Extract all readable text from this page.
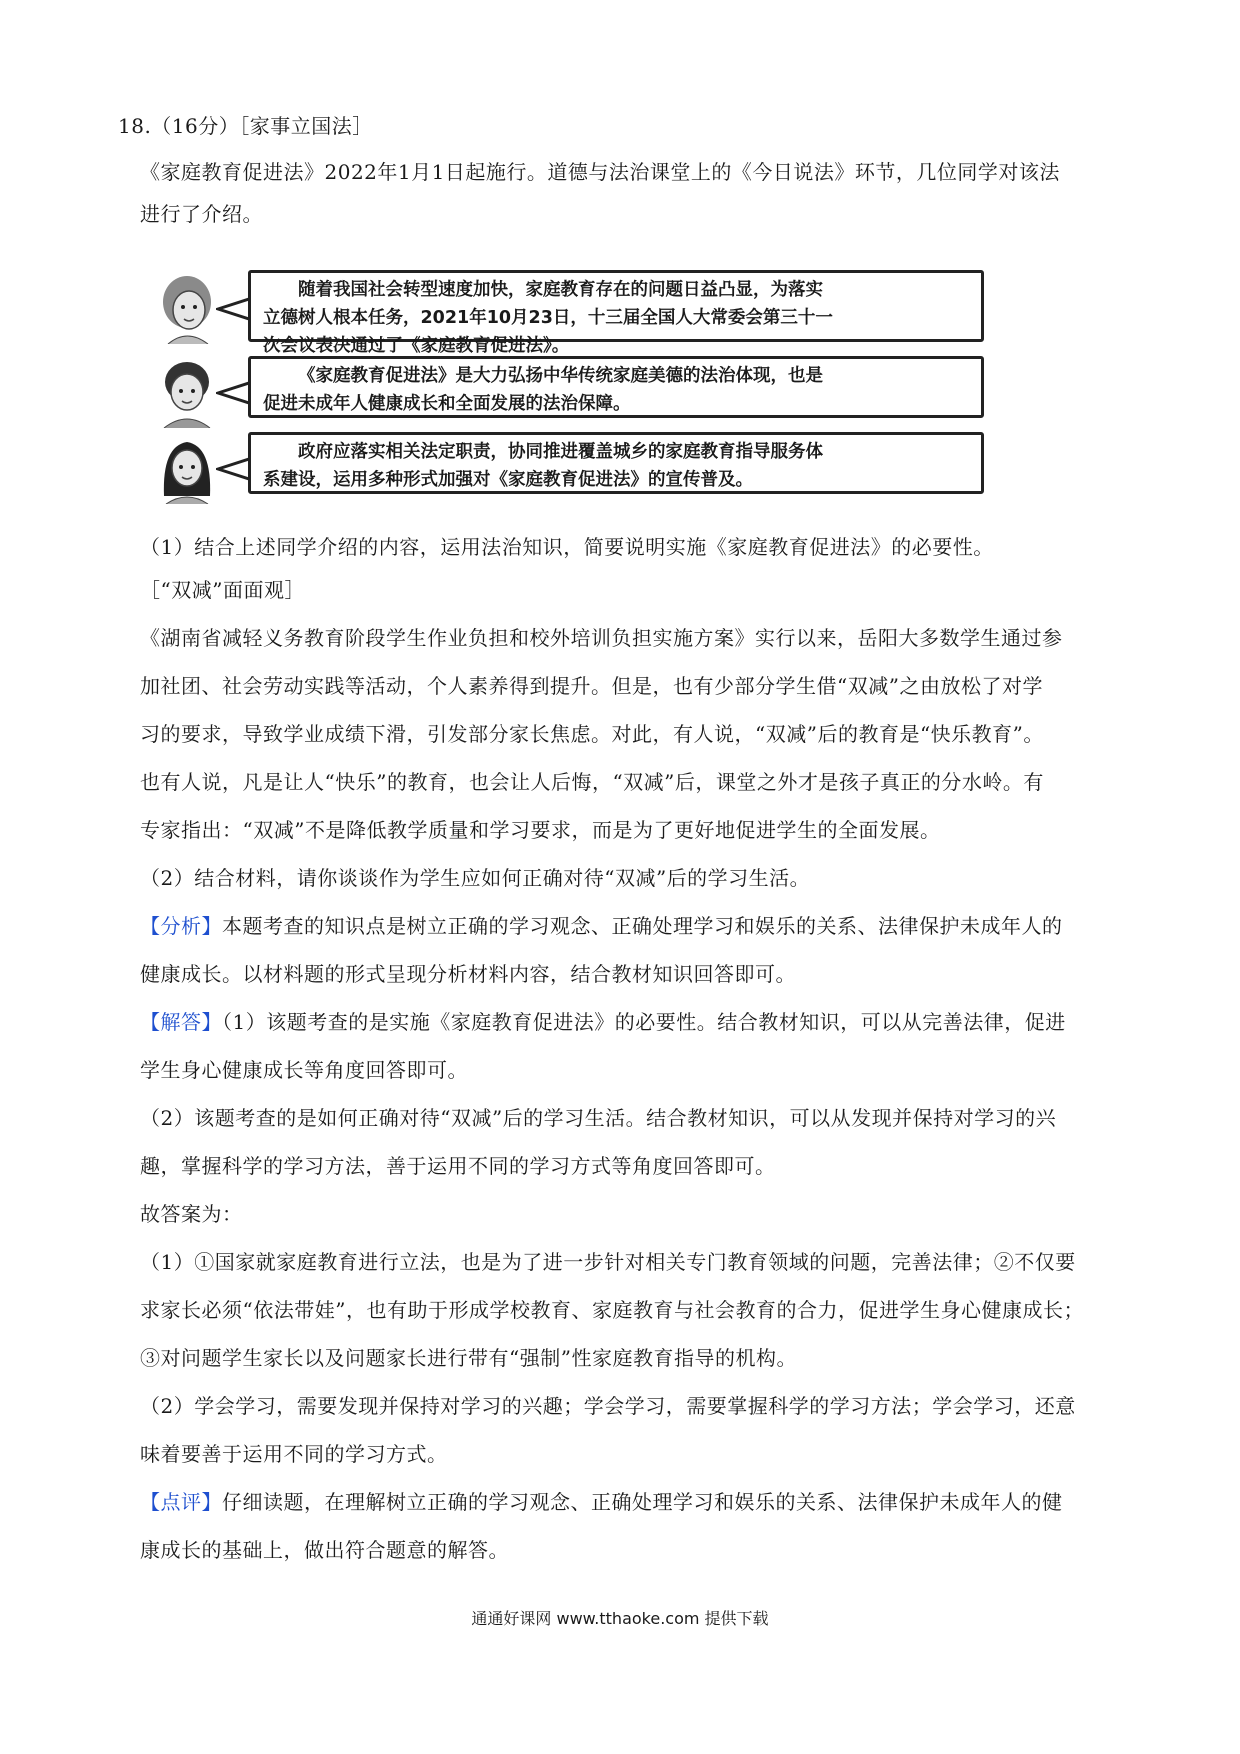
18.（16分）［家事立国法］
《家庭教育促进法》2022年1月1日起施行。道德与法治课堂上的《今日说法》环节，几位同学对该法
进行了介绍。

随着我国社会转型速度加快，家庭教育存在的问题日益凸显，为落实

立德树人根本任务，2021年10月23日，十三届全国人大常委会第三十一

次会议表决通过了《家庭教育促进法》。

《家庭教育促进法》是大力弘扬中华传统家庭美德的法治体现，也是

促进未成年人健康成长和全面发展的法治保障。

政府应落实相关法定职责，协同推进覆盖城乡的家庭教育指导服务体

系建设，运用多种形式加强对《家庭教育促进法》的宣传普及。

（1）结合上述同学介绍的内容，运用法治知识，简要说明实施《家庭教育促进法》的必要性。
［“双减”面面观］
《湖南省减轻义务教育阶段学生作业负担和校外培训负担实施方案》实行以来，岳阳大多数学生通过参
加社团、社会劳动实践等活动，个人素养得到提升。但是，也有少部分学生借“双减”之由放松了对学
习的要求，导致学业成绩下滑，引发部分家长焦虑。对此，有人说，“双减”后的教育是“快乐教育”。
也有人说，凡是让人“快乐”的教育，也会让人后悔，“双减”后，课堂之外才是孩子真正的分水岭。有
专家指出：“双减”不是降低教学质量和学习要求，而是为了更好地促进学生的全面发展。
（2）结合材料，请你谈谈作为学生应如何正确对待“双减”后的学习生活。
【分析】本题考查的知识点是树立正确的学习观念、正确处理学习和娱乐的关系、法律保护未成年人的
健康成长。以材料题的形式呈现分析材料内容，结合教材知识回答即可。
【解答】（1）该题考查的是实施《家庭教育促进法》的必要性。结合教材知识，可以从完善法律，促进
学生身心健康成长等角度回答即可。
（2）该题考查的是如何正确对待“双减”后的学习生活。结合教材知识，可以从发现并保持对学习的兴
趣，掌握科学的学习方法，善于运用不同的学习方式等角度回答即可。
故答案为：
（1）①国家就家庭教育进行立法，也是为了进一步针对相关专门教育领域的问题，完善法律；②不仅要
求家长必须“依法带娃”，也有助于形成学校教育、家庭教育与社会教育的合力，促进学生身心健康成长；
③对问题学生家长以及问题家长进行带有“强制”性家庭教育指导的机构。
（2）学会学习，需要发现并保持对学习的兴趣；学会学习，需要掌握科学的学习方法；学会学习，还意
味着要善于运用不同的学习方式。
【点评】仔细读题，在理解树立正确的学习观念、正确处理学习和娱乐的关系、法律保护未成年人的健
康成长的基础上，做出符合题意的解答。
通通好课网 www.tthaoke.com 提供下载
